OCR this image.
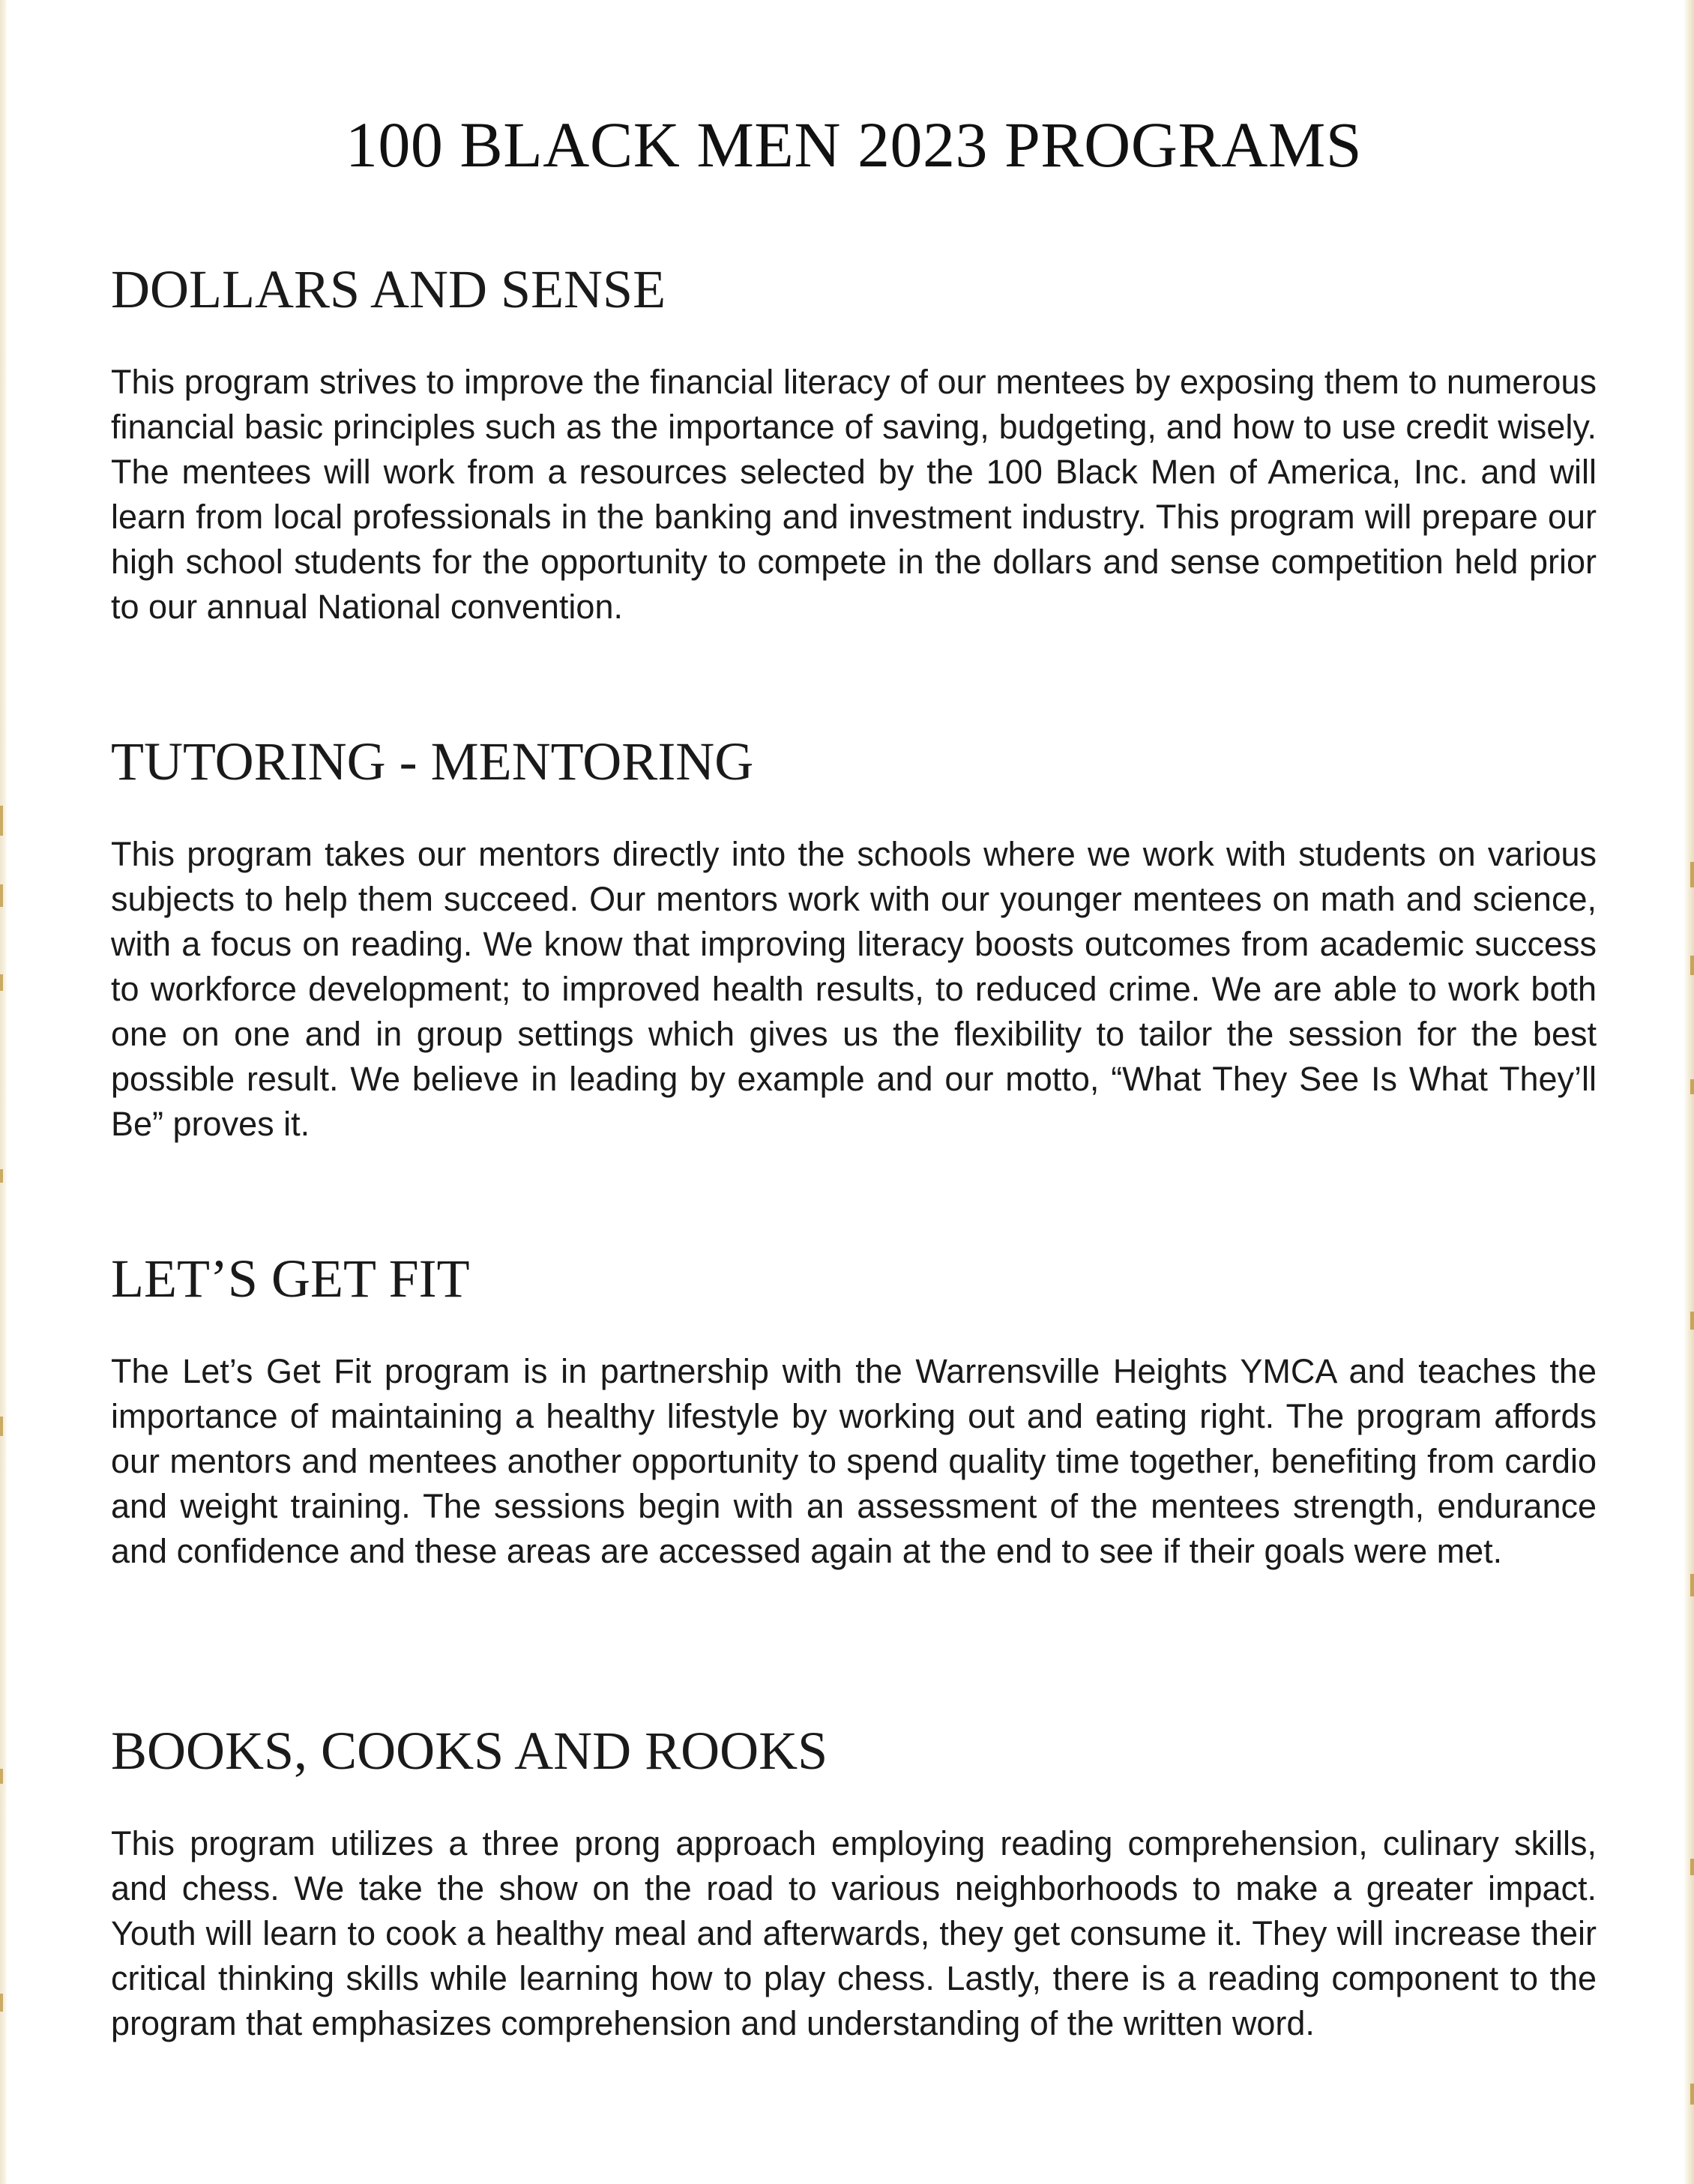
100 BLACK MEN 2023 PROGRAMS
DOLLARS AND SENSE

This program strives to improve the financial literacy of our mentees by exposing them to numerous financial basic principles such as the importance of saving, budgeting, and how to use credit wisely. The mentees will work from a resources selected by the 100 Black Men of America, Inc. and will learn from local professionals in the banking and investment industry. This program will prepare our high school students for the opportunity to compete in the dollars and sense competition held prior to our annual National convention.

TUTORING - MENTORING

This program takes our mentors directly into the schools where we work with students on various subjects to help them succeed. Our mentors work with our younger mentees on math and science, with a focus on reading. We know that improving literacy boosts outcomes from academic success to workforce development; to improved health results, to reduced crime. We are able to work both one on one and in group settings which gives us the flexibility to tailor the session for the best possible result. We believe in leading by example and our motto, “What They See Is What They’ll Be” proves it.

LET’S GET FIT

The Let’s Get Fit program is in partnership with the Warrensville Heights YMCA and teaches the importance of maintaining a healthy lifestyle by working out and eating right. The program affords our mentors and mentees another opportunity to spend quality time together, benefiting from cardio and weight training. The sessions begin with an assessment of the mentees strength, endurance and confidence and these areas are accessed again at the end to see if their goals were met.

BOOKS, COOKS AND ROOKS

This program utilizes a three prong approach employing reading comprehension, culinary skills, and chess. We take the show on the road to various neighborhoods to make a greater impact. Youth will learn to cook a healthy meal and afterwards, they get consume it. They will increase their critical thinking skills while learning how to play chess. Lastly, there is a reading component to the program that emphasizes comprehension and understanding of the written word.
